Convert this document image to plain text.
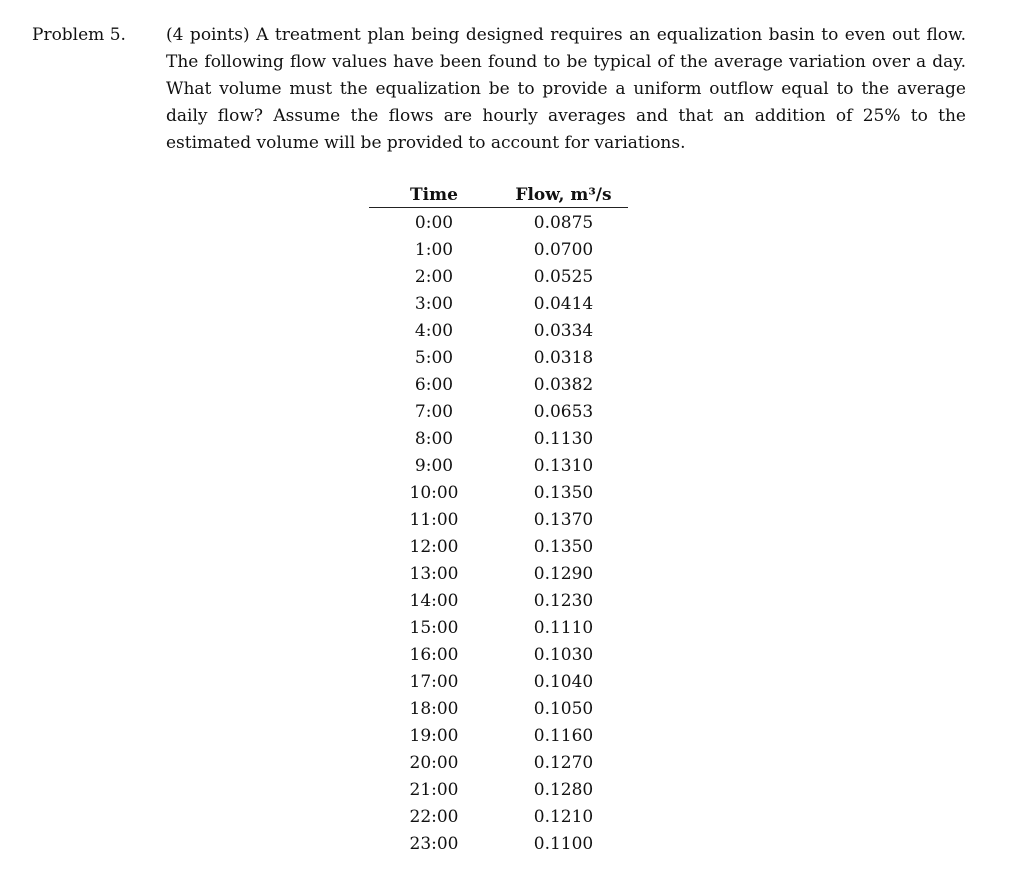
Problem 5. (4 points) A treatment plan being designed requires an equalization basin to even out flow. The following flow values have been found to be typical of the average variation over a day. What volume must the equalization be to provide a uniform outflow equal to the average daily flow? Assume the flows are hourly averages and that an addition of 25% to the estimated volume will be provided to account for variations.

Time	Flow, m³/s
0:00	0.0875
1:00	0.0700
2:00	0.0525
3:00	0.0414
4:00	0.0334
5:00	0.0318
6:00	0.0382
7:00	0.0653
8:00	0.1130
9:00	0.1310
10:00	0.1350
11:00	0.1370
12:00	0.1350
13:00	0.1290
14:00	0.1230
15:00	0.1110
16:00	0.1030
17:00	0.1040
18:00	0.1050
19:00	0.1160
20:00	0.1270
21:00	0.1280
22:00	0.1210
23:00	0.1100
